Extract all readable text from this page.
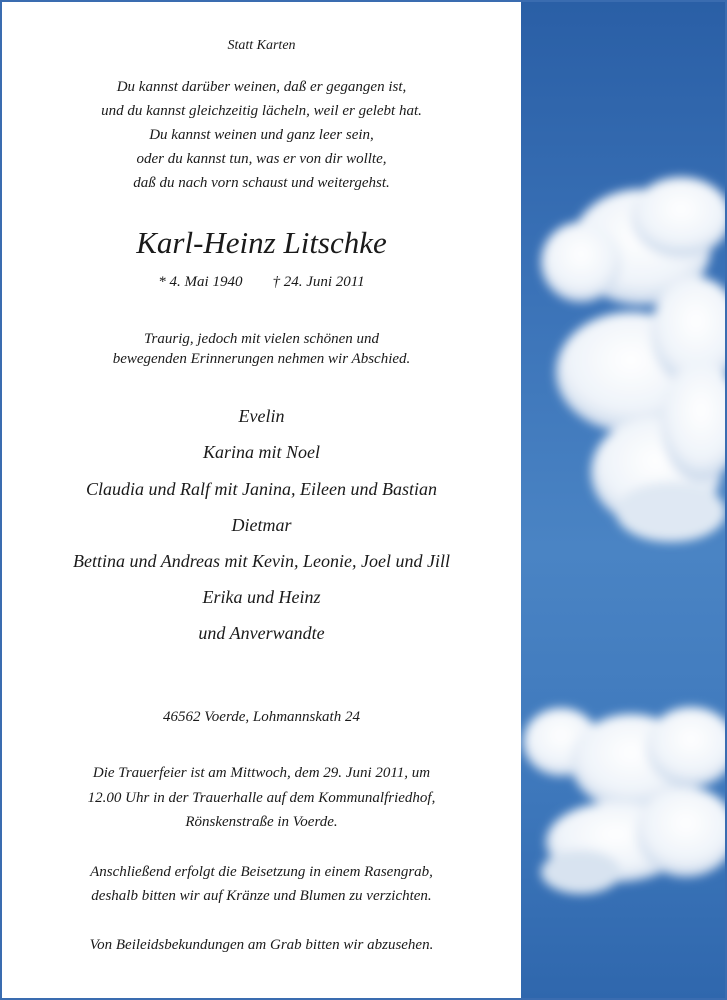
Statt Karten

Du kannst darüber weinen, daß er gegangen ist,

und du kannst gleichzeitig lächeln, weil er gelebt hat.

Du kannst weinen und ganz leer sein,

oder du kannst tun, was er von dir wollte,

daß du nach vorn schaust und weitergehst.

Karl-Heinz Litschke

* 4. Mai 1940 † 24. Juni 2011

Traurig, jedoch mit vielen schönen und

bewegenden Erinnerungen nehmen wir Abschied.

Evelin

Karina mit Noel

Claudia und Ralf mit Janina, Eileen und Bastian

Dietmar

Bettina und Andreas mit Kevin, Leonie, Joel und Jill

Erika und Heinz

und Anverwandte

46562 Voerde, Lohmannskath 24

Die Trauerfeier ist am Mittwoch, dem 29. Juni 2011, um

12.00 Uhr in der Trauerhalle auf dem Kommunalfriedhof,

Rönskenstraße in Voerde.

Anschließend erfolgt die Beisetzung in einem Rasengrab,

deshalb bitten wir auf Kränze und Blumen zu verzichten.

Von Beileidsbekundungen am Grab bitten wir abzusehen.
